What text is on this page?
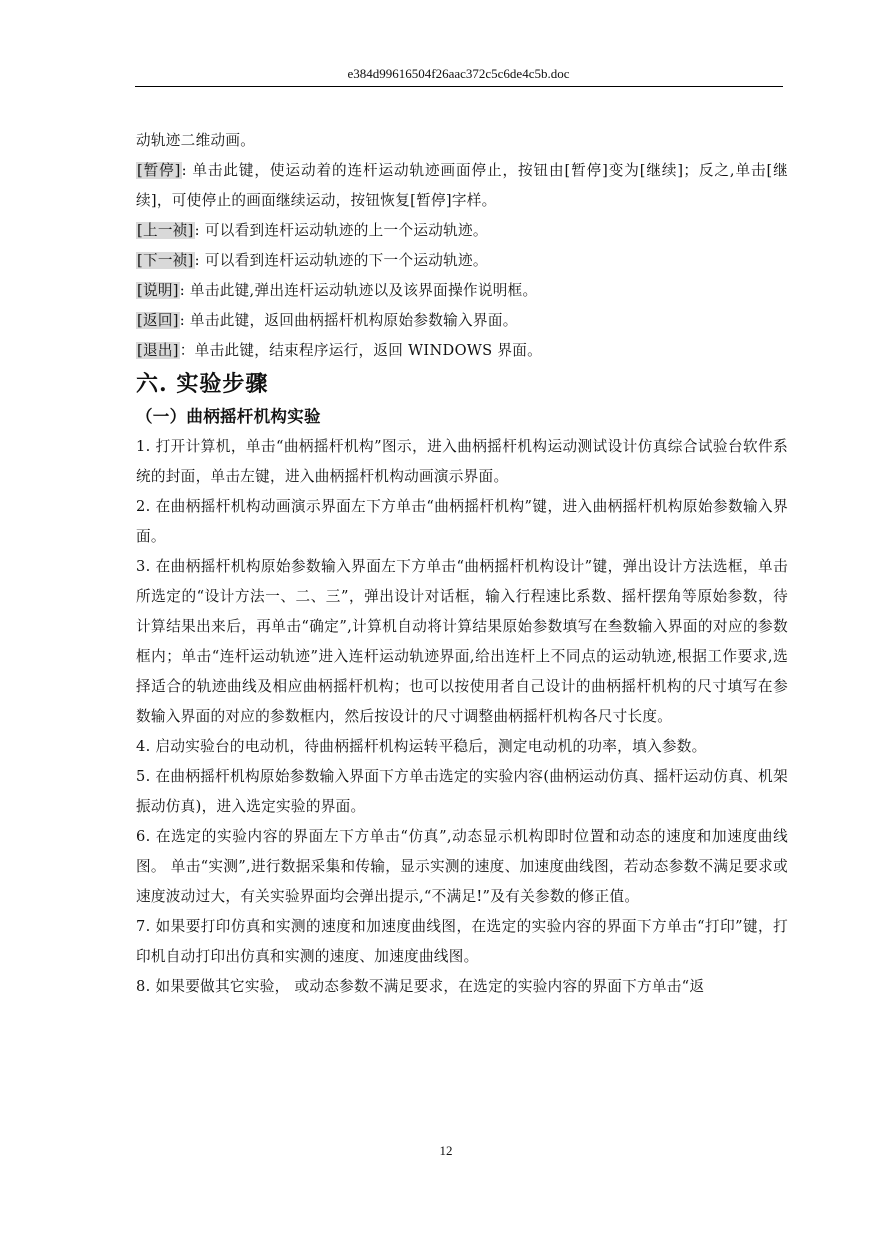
e384d99616504f26aac372c5c6de4c5b.doc

动轨迹二维动画。

[暂停]: 单击此键，使运动着的连杆运动轨迹画面停止，按钮由[暂停]变为[继续]；反之,单击[继续]，可使停止的画面继续运动，按钮恢复[暂停]字样。

[上一祯]: 可以看到连杆运动轨迹的上一个运动轨迹。

[下一祯]: 可以看到连杆运动轨迹的下一个运动轨迹。

[说明]: 单击此键,弹出连杆运动轨迹以及该界面操作说明框。

[返回]: 单击此键，返回曲柄摇杆机构原始参数输入界面。

[退出]：单击此键，结束程序运行，返回 WINDOWS 界面。

六. 实验步骤
（一）曲柄摇杆机构实验

1. 打开计算机，单击“曲柄摇杆机构”图示，进入曲柄摇杆机构运动测试设计仿真综合试验台软件系统的封面，单击左键，进入曲柄摇杆机构动画演示界面。

2. 在曲柄摇杆机构动画演示界面左下方单击“曲柄摇杆机构”键，进入曲柄摇杆机构原始参数输入界面。

3. 在曲柄摇杆机构原始参数输入界面左下方单击“曲柄摇杆机构设计”键，弹出设计方法选框，单击所选定的“设计方法一、二、三”，弹出设计对话框，输入行程速比系数、摇杆摆角等原始参数，待计算结果出来后，再单击“确定”,计算机自动将计算结果原始参数填写在叁数输入界面的对应的参数框内；单击“连杆运动轨迹”进入连杆运动轨迹界面,给出连杆上不同点的运动轨迹,根据工作要求,选择适合的轨迹曲线及相应曲柄摇杆机构；也可以按使用者自己设计的曲柄摇杆机构的尺寸填写在参数输入界面的对应的参数框内，然后按设计的尺寸调整曲柄摇杆机构各尺寸长度。

4. 启动实验台的电动机，待曲柄摇杆机构运转平稳后，测定电动机的功率，填入参数。

5. 在曲柄摇杆机构原始参数输入界面下方单击选定的实验内容(曲柄运动仿真、摇杆运动仿真、机架振动仿真)，进入选定实验的界面。

6. 在选定的实验内容的界面左下方单击“仿真”,动态显示机构即时位置和动态的速度和加速度曲线图。 单击“实测”,进行数据采集和传输，显示实测的速度、加速度曲线图，若动态参数不满足要求或速度波动过大，有关实验界面均会弹出提示,“不满足!”及有关参数的修正值。

7. 如果要打印仿真和实测的速度和加速度曲线图，在选定的实验内容的界面下方单击“打印”键，打印机自动打印出仿真和实测的速度、加速度曲线图。

8. 如果要做其它实验， 或动态参数不满足要求，在选定的实验内容的界面下方单击“返

12
